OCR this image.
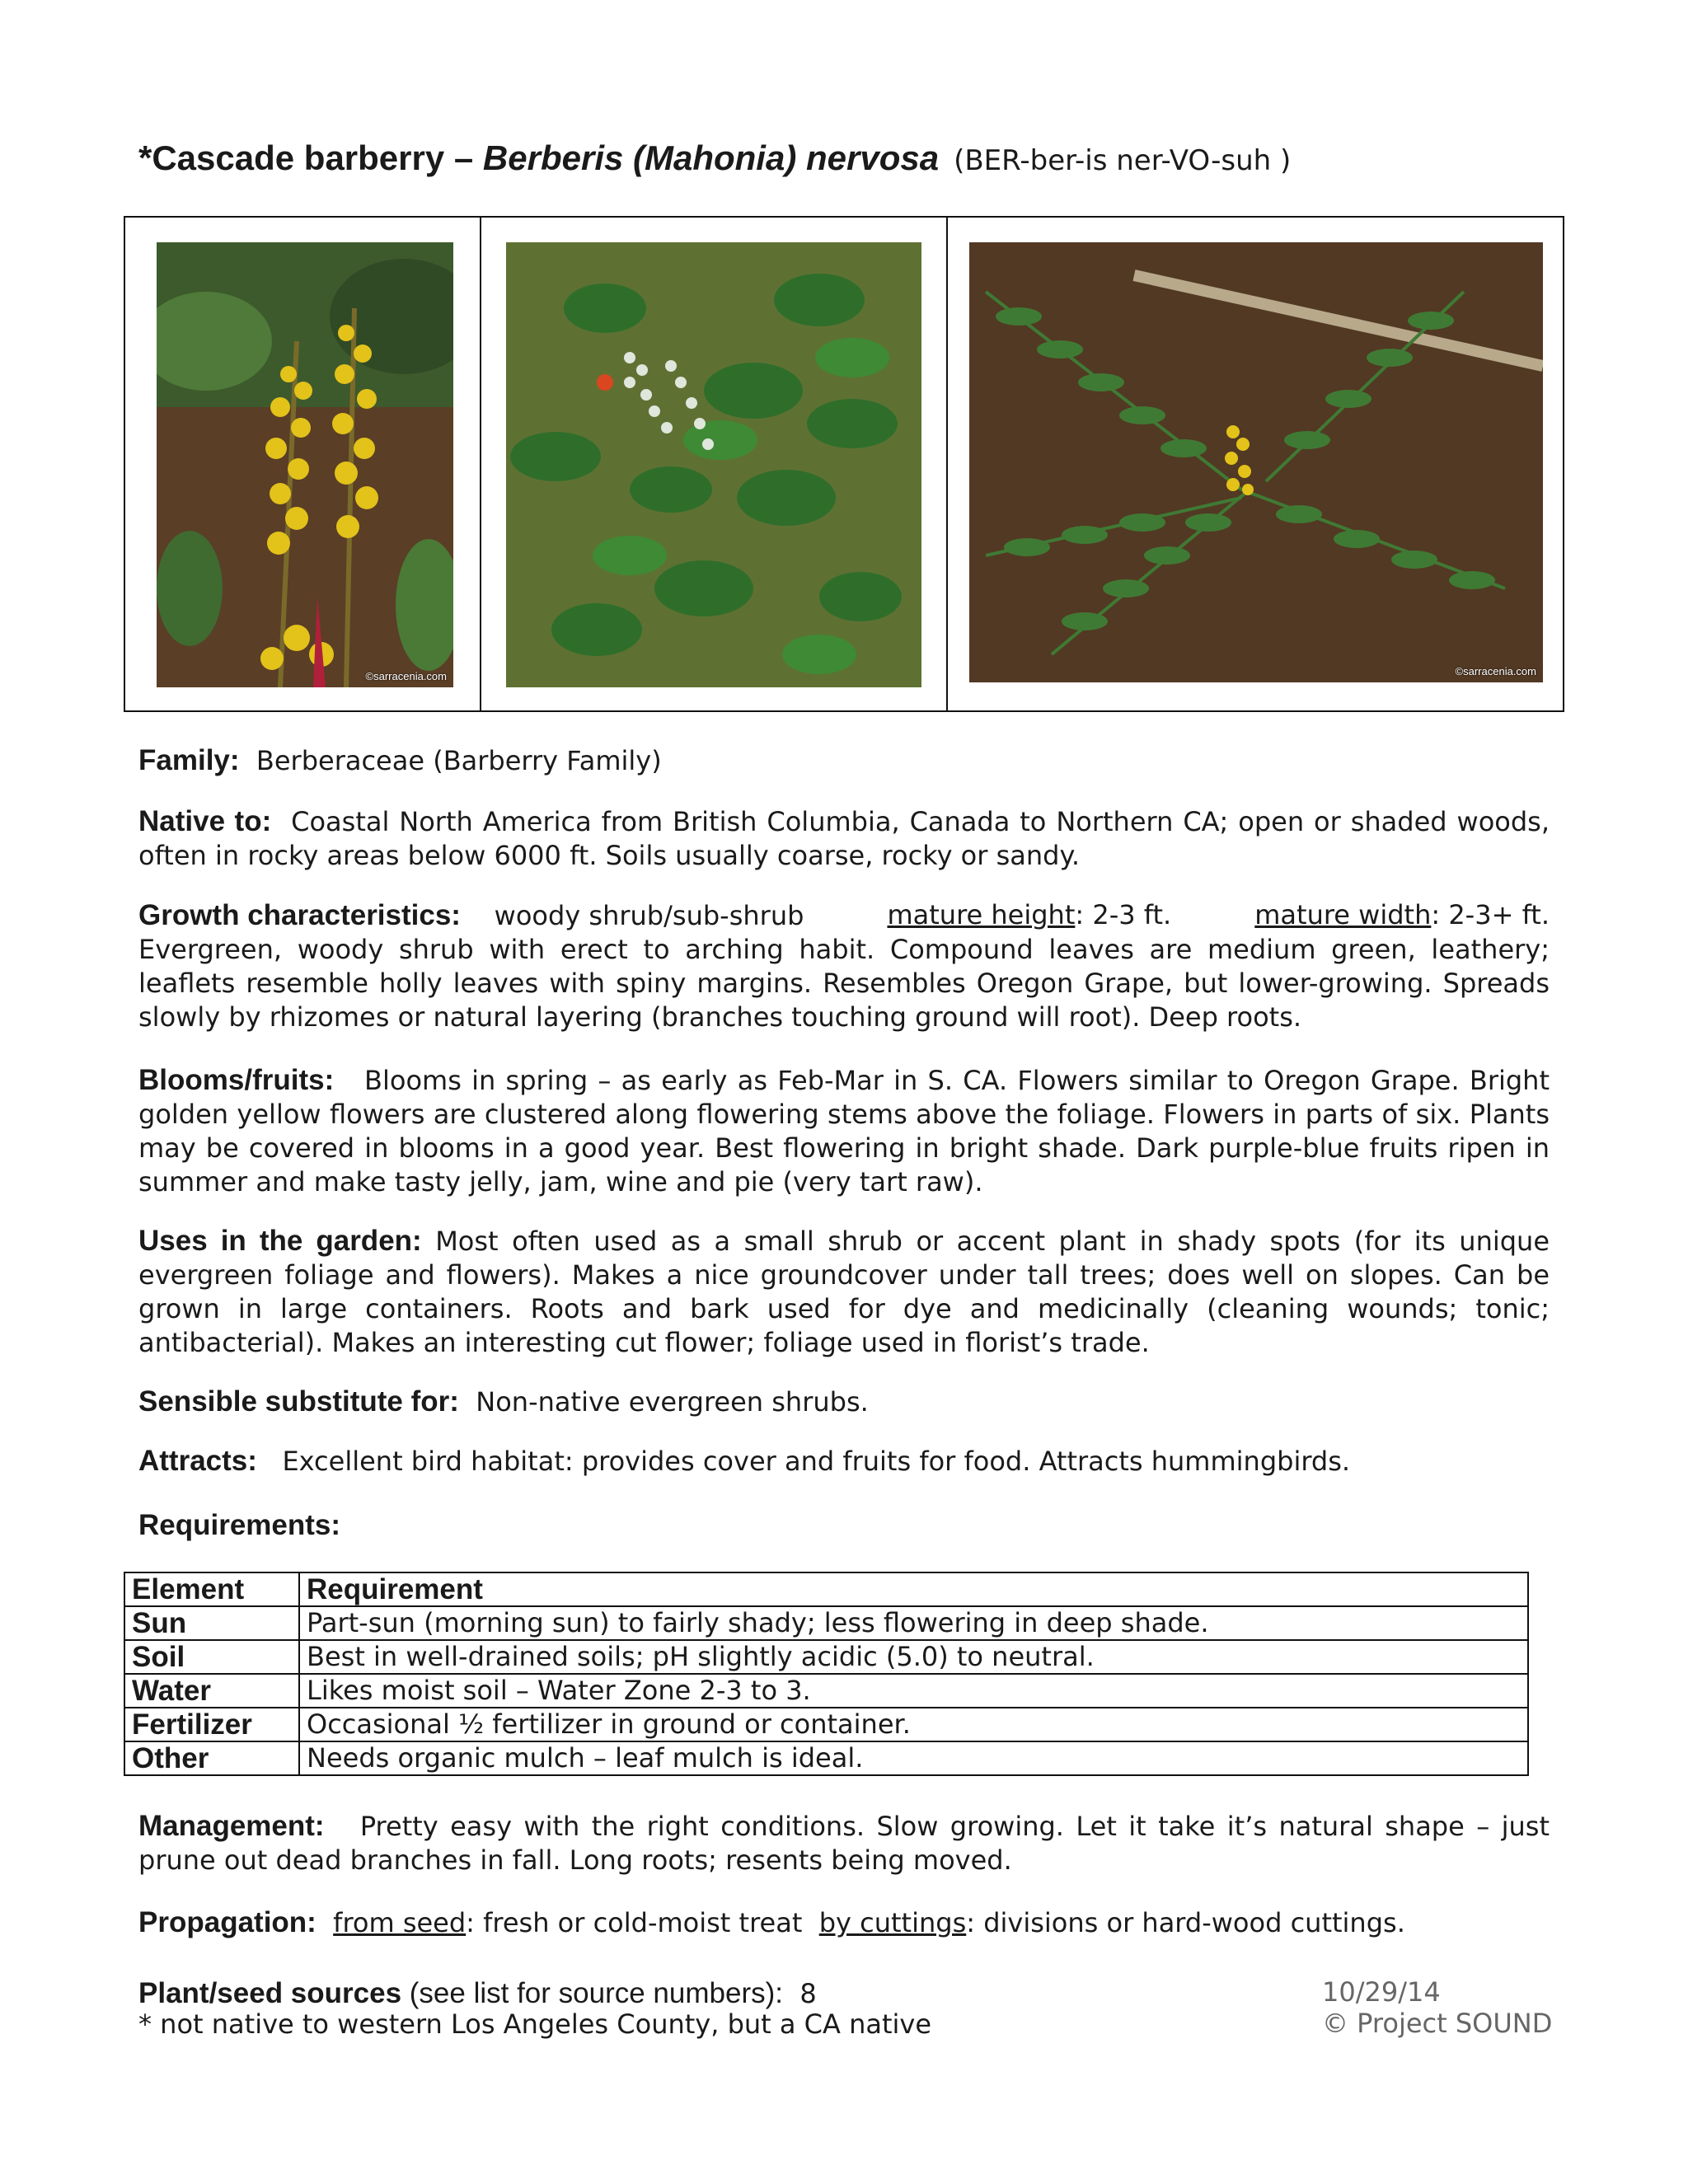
*Cascade barberry – Berberis (Mahonia) nervosa (BER-ber-is ner-VO-suh )
©sarracenia.com	©sarracenia.com
Family: Berberaceae (Barberry Family)
Native to: Coastal North America from British Columbia, Canada to Northern CA; open or shaded woods, often in rocky areas below 6000 ft. Soils usually coarse, rocky or sandy.
Growth characteristics: woody shrub/sub-shrub	mature height: 2-3 ft.	mature width: 2-3+ ft.
Evergreen, woody shrub with erect to arching habit. Compound leaves are medium green, leathery; leaflets resemble holly leaves with spiny margins. Resembles Oregon Grape, but lower-growing. Spreads slowly by rhizomes or natural layering (branches touching ground will root). Deep roots.
Blooms/fruits: Blooms in spring – as early as Feb-Mar in S. CA. Flowers similar to Oregon Grape. Bright golden yellow flowers are clustered along flowering stems above the foliage. Flowers in parts of six. Plants may be covered in blooms in a good year. Best flowering in bright shade. Dark purple-blue fruits ripen in summer and make tasty jelly, jam, wine and pie (very tart raw).
Uses in the garden: Most often used as a small shrub or accent plant in shady spots (for its unique evergreen foliage and flowers). Makes a nice groundcover under tall trees; does well on slopes. Can be grown in large containers. Roots and bark used for dye and medicinally (cleaning wounds; tonic; antibacterial). Makes an interesting cut flower; foliage used in florist’s trade.
Sensible substitute for: Non-native evergreen shrubs.
Attracts: Excellent bird habitat: provides cover and fruits for food. Attracts hummingbirds.
Requirements:
Element	Requirement
Sun	Part-sun (morning sun) to fairly shady; less flowering in deep shade.
Soil	Best in well-drained soils; pH slightly acidic (5.0) to neutral.
Water	Likes moist soil – Water Zone 2-3 to 3.
Fertilizer	Occasional ½ fertilizer in ground or container.
Other	Needs organic mulch – leaf mulch is ideal.
Management: Pretty easy with the right conditions. Slow growing. Let it take it’s natural shape – just prune out dead branches in fall. Long roots; resents being moved.
Propagation: from seed: fresh or cold-moist treat by cuttings: divisions or hard-wood cuttings.
Plant/seed sources (see list for source numbers): 8
* not native to western Los Angeles County, but a CA native
10/29/14
© Project SOUND
